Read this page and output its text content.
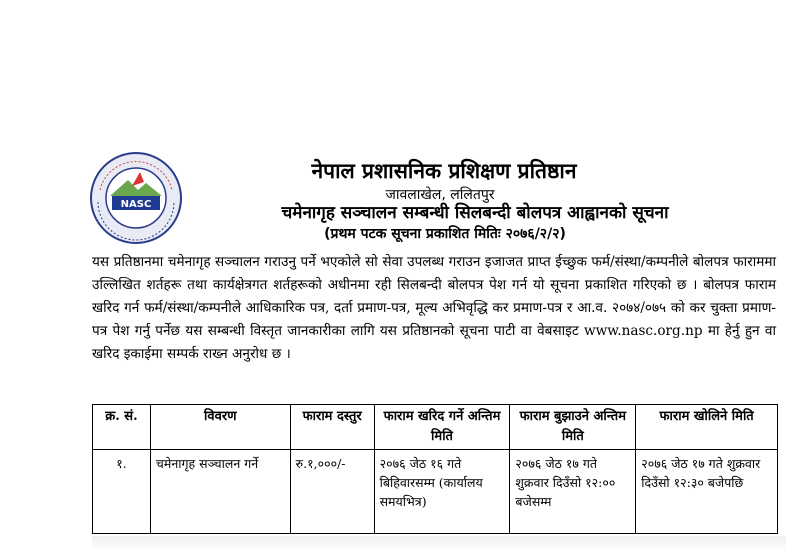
NASC
नेपाल प्रशासनिक प्रशिक्षण प्रतिष्ठान
जावलाखेल, ललितपुर
चमेनागृह सञ्चालन सम्बन्धी सिलबन्दी बोलपत्र आह्वानको सूचना
(प्रथम पटक सूचना प्रकाशित मितिः २०७६/२/२)
यस प्रतिष्ठानमा चमेनागृह सञ्चालन गराउनु पर्ने भएकोले सो सेवा उपलब्ध गराउन इजाजत प्राप्त ईच्छुक फर्म/संस्था/कम्पनीले बोलपत्र फाराममा उल्लिखित शर्तहरू तथा कार्यक्षेत्रगत शर्तहरूको अधीनमा रही सिलबन्दी बोलपत्र पेश गर्न यो सूचना प्रकाशित गरिएको छ । बोलपत्र फाराम खरिद गर्न फर्म/संस्था/कम्पनीले आधिकारिक पत्र, दर्ता प्रमाण-पत्र, मूल्य अभिवृद्धि कर प्रमाण-पत्र र आ.व. २०७४/०७५ को कर चुक्ता प्रमाण-पत्र पेश गर्नु पर्नेछ यस सम्बन्धी विस्तृत जानकारीका लागि यस प्रतिष्ठानको सूचना पाटी वा वेबसाइट www.nasc.org.np मा हेर्नु हुन वा खरिद इकाईमा सम्पर्क राख्न अनुरोध छ ।
क्र. सं.	विवरण	फाराम दस्तुर	फाराम खरिद गर्ने अन्तिम मिति	फाराम बुझाउने अन्तिम मिति	फाराम खोलिने मिति
१.	चमेनागृह सञ्चालन गर्ने	रु.१,०००/-	२०७६ जेठ १६ गते बिहिवारसम्म (कार्यालय समयभित्र)	२०७६ जेठ १७ गते शुक्रवार दिउँसो १२:०० बजेसम्म	२०७६ जेठ १७ गते शुक्रवार दिउँसो १२:३० बजेपछि
